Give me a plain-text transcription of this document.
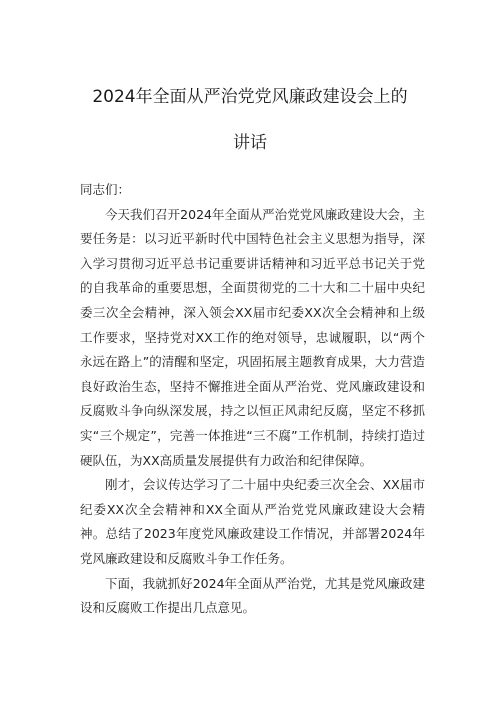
2024年全面从严治党党风廉政建设会上的
讲话

同志们：

今天我们召开2024年全面从严治党党风廉政建设大会，主要任务是：以习近平新时代中国特色社会主义思想为指导，深入学习贯彻习近平总书记重要讲话精神和习近平总书记关于党的自我革命的重要思想，全面贯彻党的二十大和二十届中央纪委三次全会精神，深入领会XX届市纪委XX次全会精神和上级工作要求，坚持党对XX工作的绝对领导，忠诚履职，以“两个永远在路上”的清醒和坚定，巩固拓展主题教育成果，大力营造良好政治生态，坚持不懈推进全面从严治党、党风廉政建设和反腐败斗争向纵深发展，持之以恒正风肃纪反腐，坚定不移抓实“三个规定”，完善一体推进“三不腐”工作机制，持续打造过硬队伍，为XX高质量发展提供有力政治和纪律保障。

刚才，会议传达学习了二十届中央纪委三次全会、XX届市纪委XX次全会精神和XX全面从严治党党风廉政建设大会精神。总结了2023年度党风廉政建设工作情况，并部署2024年党风廉政建设和反腐败斗争工作任务。

下面，我就抓好2024年全面从严治党，尤其是党风廉政建设和反腐败工作提出几点意见。
